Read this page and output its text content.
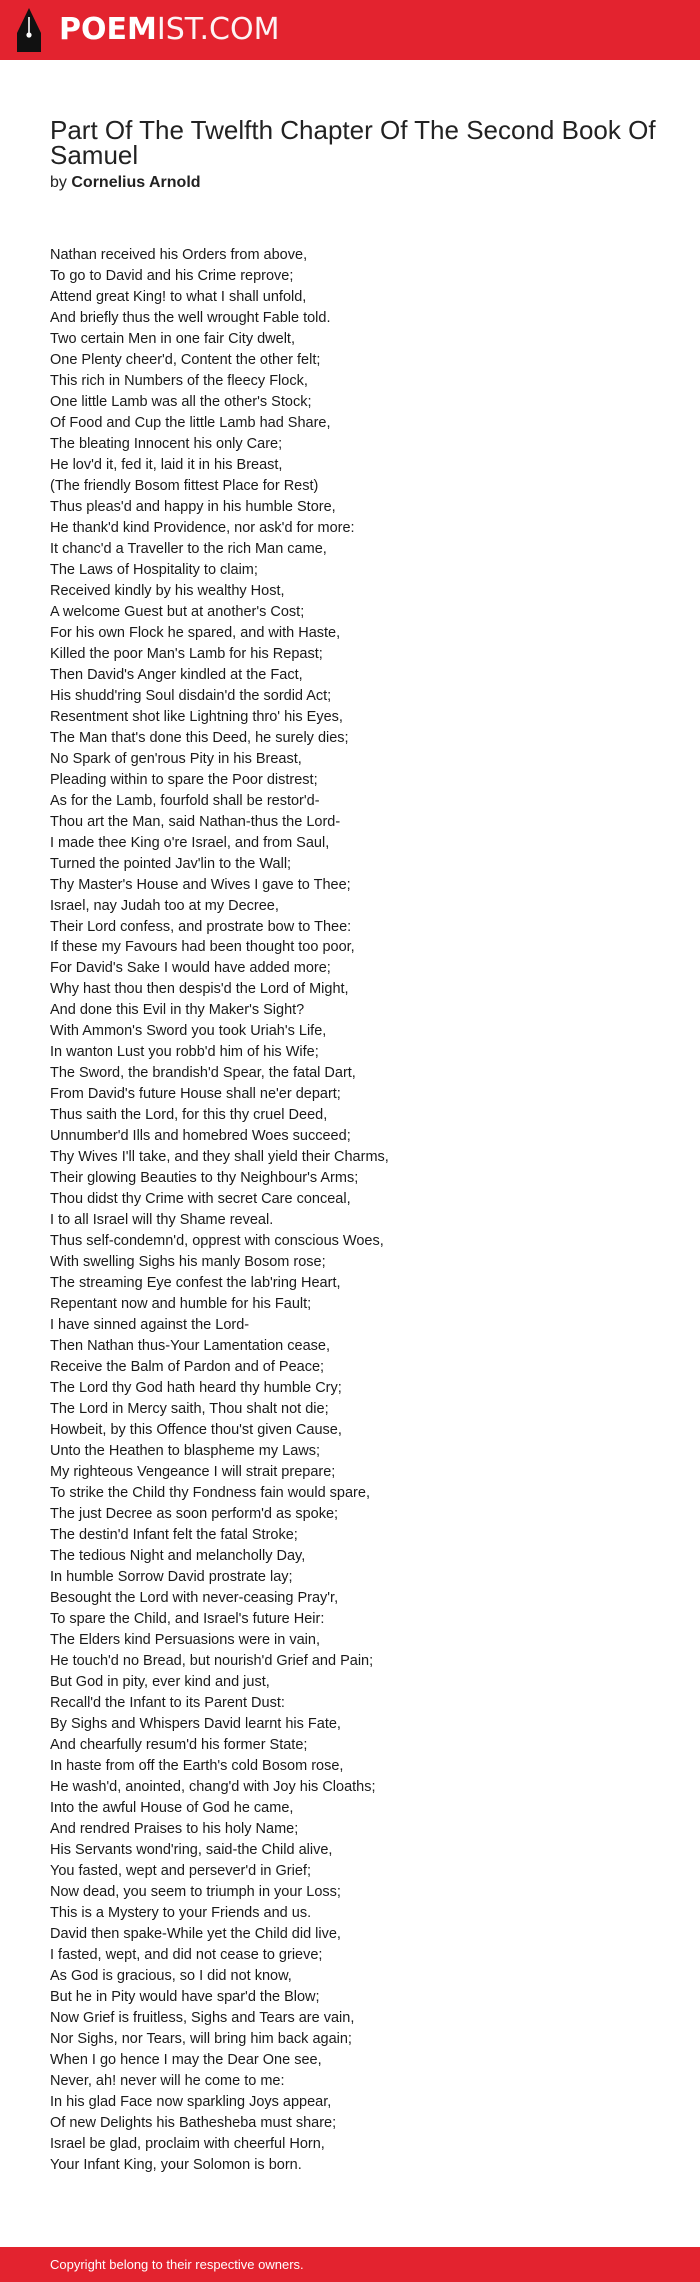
POEMIST.COM
Part Of The Twelfth Chapter Of The Second Book Of Samuel
by Cornelius Arnold
Nathan received his Orders from above,
To go to David and his Crime reprove;
Attend great King! to what I shall unfold,
And briefly thus the well wrought Fable told.
Two certain Men in one fair City dwelt,
One Plenty cheer'd, Content the other felt;
This rich in Numbers of the fleecy Flock,
One little Lamb was all the other's Stock;
Of Food and Cup the little Lamb had Share,
The bleating Innocent his only Care;
He lov'd it, fed it, laid it in his Breast,
(The friendly Bosom fittest Place for Rest)
Thus pleas'd and happy in his humble Store,
He thank'd kind Providence, nor ask'd for more:
It chanc'd a Traveller to the rich Man came,
The Laws of Hospitality to claim;
Received kindly by his wealthy Host,
A welcome Guest but at another's Cost;
For his own Flock he spared, and with Haste,
Killed the poor Man's Lamb for his Repast;
Then David's Anger kindled at the Fact,
His shudd'ring Soul disdain'd the sordid Act;
Resentment shot like Lightning thro' his Eyes,
The Man that's done this Deed, he surely dies;
No Spark of gen'rous Pity in his Breast,
Pleading within to spare the Poor distrest;
As for the Lamb, fourfold shall be restor'd-
Thou art the Man, said Nathan-thus the Lord-
I made thee King o're Israel, and from Saul,
Turned the pointed Jav'lin to the Wall;
Thy Master's House and Wives I gave to Thee;
Israel, nay Judah too at my Decree,
Their Lord confess, and prostrate bow to Thee:
If these my Favours had been thought too poor,
For David's Sake I would have added more;
Why hast thou then despis'd the Lord of Might,
And done this Evil in thy Maker's Sight?
With Ammon's Sword you took Uriah's Life,
In wanton Lust you robb'd him of his Wife;
The Sword, the brandish'd Spear, the fatal Dart,
From David's future House shall ne'er depart;
Thus saith the Lord, for this thy cruel Deed,
Unnumber'd Ills and homebred Woes succeed;
Thy Wives I'll take, and they shall yield their Charms,
Their glowing Beauties to thy Neighbour's Arms;
Thou didst thy Crime with secret Care conceal,
I to all Israel will thy Shame reveal.
Thus self-condemn'd, opprest with conscious Woes,
With swelling Sighs his manly Bosom rose;
The streaming Eye confest the lab'ring Heart,
Repentant now and humble for his Fault;
I have sinned against the Lord-
Then Nathan thus-Your Lamentation cease,
Receive the Balm of Pardon and of Peace;
The Lord thy God hath heard thy humble Cry;
The Lord in Mercy saith, Thou shalt not die;
Howbeit, by this Offence thou'st given Cause,
Unto the Heathen to blaspheme my Laws;
My righteous Vengeance I will strait prepare;
To strike the Child thy Fondness fain would spare,
The just Decree as soon perform'd as spoke;
The destin'd Infant felt the fatal Stroke;
The tedious Night and melancholly Day,
In humble Sorrow David prostrate lay;
Besought the Lord with never-ceasing Pray'r,
To spare the Child, and Israel's future Heir:
The Elders kind Persuasions were in vain,
He touch'd no Bread, but nourish'd Grief and Pain;
But God in pity, ever kind and just,
Recall'd the Infant to its Parent Dust:
By Sighs and Whispers David learnt his Fate,
And chearfully resum'd his former State;
In haste from off the Earth's cold Bosom rose,
He wash'd, anointed, chang'd with Joy his Cloaths;
Into the awful House of God he came,
And rendred Praises to his holy Name;
His Servants wond'ring, said-the Child alive,
You fasted, wept and persever'd in Grief;
Now dead, you seem to triumph in your Loss;
This is a Mystery to your Friends and us.
David then spake-While yet the Child did live,
I fasted, wept, and did not cease to grieve;
As God is gracious, so I did not know,
But he in Pity would have spar'd the Blow;
Now Grief is fruitless, Sighs and Tears are vain,
Nor Sighs, nor Tears, will bring him back again;
When I go hence I may the Dear One see,
Never, ah! never will he come to me:
In his glad Face now sparkling Joys appear,
Of new Delights his Bathesheba must share;
Israel be glad, proclaim with cheerful Horn,
Your Infant King, your Solomon is born.
Copyright belong to their respective owners.
